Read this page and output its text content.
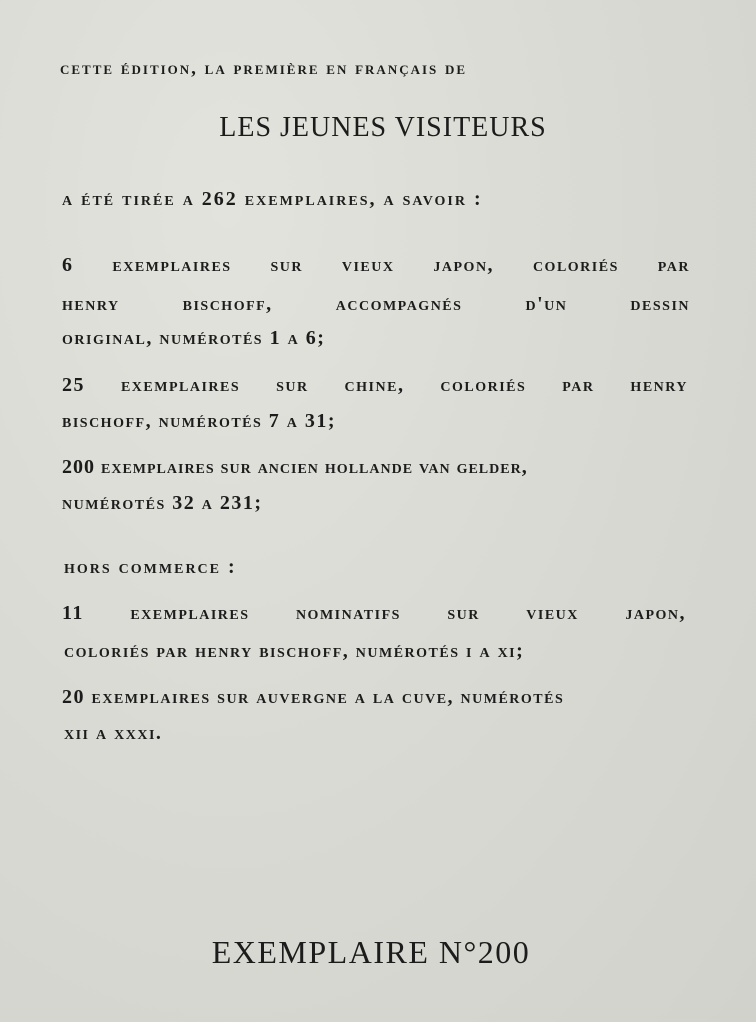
cette édition, la première en français de
LES JEUNES VISITEURS
a été tirée a 262 exemplaires, a savoir :
6 exemplaires sur vieux japon, coloriés par
henry bischoff, accompagnés d'un dessin
original, numérotés 1 a 6;
25 exemplaires sur chine, coloriés par henry
bischoff, numérotés 7 a 31;
200 exemplaires sur ancien hollande van gelder,
numérotés 32 a 231;
hors commerce :
11 exemplaires nominatifs sur vieux japon,
coloriés par henry bischoff, numérotés i a xi;
20 exemplaires sur auvergne a la cuve, numérotés
xii a xxxi.
EXEMPLAIRE N°200
